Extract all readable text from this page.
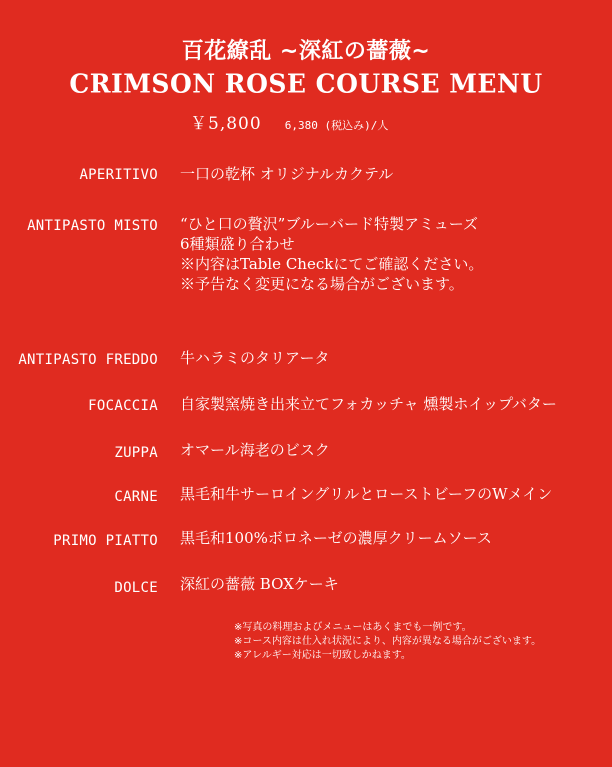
百花繚乱 ~深紅の薔薇~
CRIMSON ROSE COURSE MENU
￥5,800 6,380 (税込み)/人
APERITIVO 一口の乾杯 オリジナルカクテル
ANTIPASTO MISTO “ひと口の贅沢”ブルーバード特製アミューズ
6種類盛り合わせ
※内容はTable Checkにてご確認ください。
※予告なく変更になる場合がございます。
ANTIPASTO FREDDO 牛ハラミのタリアータ
FOCACCIA 自家製窯焼き出来立てフォカッチャ 燻製ホイップバター
ZUPPA オマール海老のビスク
CARNE 黒毛和牛サーロイングリルとローストビーフのWメイン
PRIMO PIATTO 黒毛和100%ボロネーゼの濃厚クリームソース
DOLCE 深紅の薔薇 BOXケーキ
※写真の料理およびメニューはあくまでも一例です。
※コース内容は仕入れ状況により、内容が異なる場合がございます。
※アレルギー対応は一切致しかねます。
